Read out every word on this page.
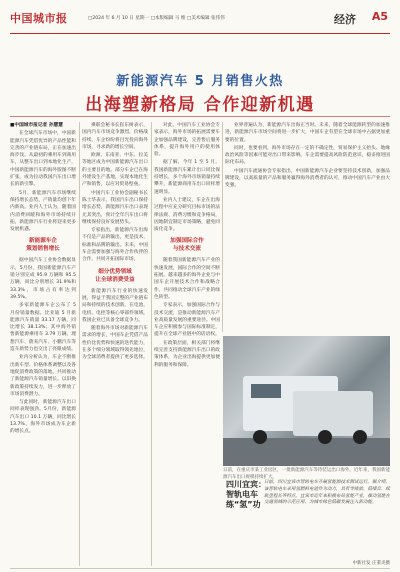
中国城市报	□2024 年 6 月 10 日 星期一 □本版编辑 马 维 □美术编辑 张伟伟	经济 A5
新能源汽车 5 月销售火热
出海塑新格局 合作迎新机遇

■中国城市报记者 孙慧慧

在全球汽车市场中，中国新能源汽车凭借优异的产品性能和完善的产业链布局，正在加速出海步伐。从最初的乘用车到商用车，从整车出口到本地化生产，中国新能源汽车的海外版图不断扩张，成为拉动我国汽车出口增长的新引擎。

5月，新能源汽车市场继续保持增长态势，产销量均创下年内新高。业内人士认为，随着国内消费回暖和海外市场持续开拓，新能源汽车行业将迎来更多发展机遇。

新能源车企
策划销售增长

据中国汽车工业协会数据显示，5月份，我国新能源汽车产销分别完成 95.9 万辆和 95.5 万辆，同比分别增长 31.9%和 33.3%，市场占有率达到 39.5%。

多家新能源车企公布了 5 月份销量数据。比亚迪 5 月新能源汽车销量 33.17 万辆，同比增长 38.13%；其中海外销售新能源乘用车 3.79 万辆。理想汽车、蔚来汽车、小鹏汽车等造车新势力也交出了亮眼成绩。

业内分析认为，车企不断推出新车型、价格体系调整以及各地促消费政策的落地，共同推动了新能源汽车销量增长。以旧换新政策持续发力，进一步释放了市场消费潜力。

与此同时，新能源汽车出口同样表现强劲。5月份，新能源汽车出口 10.1 万辆，同比增长 13.7%，海外市场成为车企新的增长点。

乘联会秘书长崔东树表示，国内汽车市场竞争激烈，价格战持续，车企纷纷将目光投向海外市场，寻求新的增长空间。

欧洲、东南亚、中东、拉美等地区成为中国新能源汽车出口的主要目的地。部分车企已在海外建设生产基地，实现本地化生产和销售，以应对贸易壁垒。

中国汽车工业协会副秘书长陈士华表示，我国汽车出口保持增长态势，新能源汽车出口表现尤其突出，预计全年汽车出口将继续保持良好发展势头。

专家指出，新能源汽车出海不仅是产品的输出，更是技术、标准和品牌的输出。未来，中国车企需要加强与海外合作伙伴的合作，共同开拓国际市场。

细分优势领域
让全球消费受益

新能源汽车行业的快速发展，得益于我国完整的产业链布局和持续的技术创新。在电池、电机、电控等核心零部件领域，我国企业已具备全球竞争力。

随着海外市场对新能源汽车需求的增长，中国车企凭借产品性价比优势和快速的迭代能力，在多个细分领域取得领先地位，为全球消费者提供了更多选择。

对此，中国汽车工业协会专家表示，海外市场的拓展需要车企加强品牌建设，完善售后服务体系，提升海外用户的使用体验。

据了解，今年 1 至 5 月，我国新能源汽车累计出口同比保持增长，多个海外市场销量持续攀升，新能源商用车出口同样增速明显。

业内人士建议，车企在出海过程中应充分研究目标市场的法律法规、消费习惯和竞争格局，因地制宜制定市场策略，避免同质化竞争。

加强国际合作
与技术交流

随着我国新能源汽车产业的快速发展，国际合作的空间不断拓展。越来越多的海外企业与中国车企开展技术合作和战略合作，共同推动全球汽车产业的绿色转型。

专家表示，加强国际合作与技术交流，是推动新能源汽车产业高质量发展的重要途径。中国车企应积极参与国际标准制定，提升在全球产业链中的话语权。

在政策层面，相关部门将继续完善支持新能源汽车出口的政策体系，为企业出海提供更加便利的服务和保障。

业界普遍认为，新能源汽车出海正当时。未来，随着全球能源转型的加速推进，新能源汽车市场空间将进一步扩大，中国车企有望在全球市场中占据更加重要的位置。

同时，也要看到，海外市场存在一定的不确定性，贸易保护主义抬头、地缘政治风险等因素可能对出口带来影响。车企需要提高风险防范意识，稳妥推进国际化布局。

中国汽车流通协会专家指出，中国新能源汽车企业要坚持技术创新，加强品牌建设，以高质量的产品和服务赢得海外消费者的认可，推动中国汽车产业由大变强。

日前，在重庆市某工业园区，一批新能源汽车等待装运出口海外。近年来，我国新能源汽车出口规模持续扩大。
四川宜宾：
智轨电车练“氢”功
日前，四川宜宾市智轨电车开展氢能源技术测试运行。据介绍，该智轨电车采用氢燃料电池作为动力，具有零排放、低噪音、续航里程长等特点。宜宾市近年来积极布局氢能产业，推动氢能在交通领域的示范应用，为城市绿色低碳发展注入新动能。
中新社发 庄秉炎摄
